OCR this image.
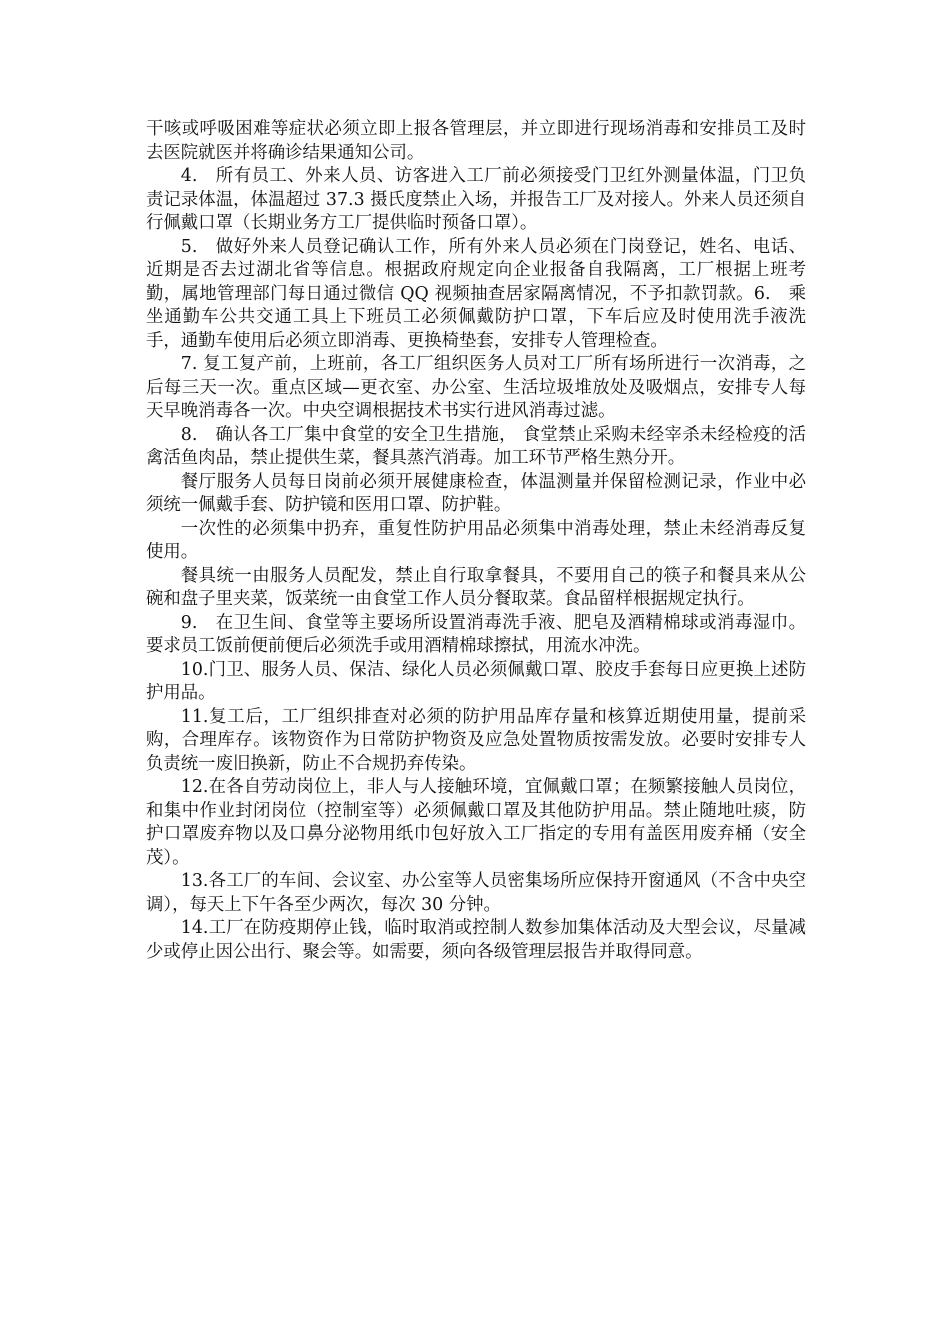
干咳或呼吸困难等症状必须立即上报各管理层，并立即进行现场消毒和安排员工及时去医院就医并将确诊结果通知公司。

4.　所有员工、外来人员、访客进入工厂前必须接受门卫红外测量体温，门卫负责记录体温，体温超过 37.3 摄氏度禁止入场，并报告工厂及对接人。外来人员还须自行佩戴口罩（长期业务方工厂提供临时预备口罩）。

5.　做好外来人员登记确认工作，所有外来人员必须在门岗登记，姓名、电话、近期是否去过湖北省等信息。根据政府规定向企业报备自我隔离，工厂根据上班考勤，属地管理部门每日通过微信 QQ 视频抽查居家隔离情况，不予扣款罚款。6.　乘坐通勤车公共交通工具上下班员工必须佩戴防护口罩，下车后应及时使用洗手液洗手，通勤车使用后必须立即消毒、更换椅垫套，安排专人管理检查。

7. 复工复产前，上班前，各工厂组织医务人员对工厂所有场所进行一次消毒，之后每三天一次。重点区域—更衣室、办公室、生活垃圾堆放处及吸烟点，安排专人每天早晚消毒各一次。中央空调根据技术书实行进风消毒过滤。

8.　确认各工厂集中食堂的安全卫生措施， 食堂禁止采购未经宰杀未经检疫的活禽活鱼肉品，禁止提供生菜，餐具蒸汽消毒。加工环节严格生熟分开。

餐厅服务人员每日岗前必须开展健康检查，体温测量并保留检测记录，作业中必须统一佩戴手套、防护镜和医用口罩、防护鞋。

一次性的必须集中扔弃，重复性防护用品必须集中消毒处理，禁止未经消毒反复使用。

餐具统一由服务人员配发，禁止自行取拿餐具，不要用自己的筷子和餐具来从公碗和盘子里夹菜，饭菜统一由食堂工作人员分餐取菜。食品留样根据规定执行。

9.　在卫生间、食堂等主要场所设置消毒洗手液、肥皂及酒精棉球或消毒湿巾。要求员工饭前便前便后必须洗手或用酒精棉球擦拭，用流水冲洗。

10.门卫、服务人员、保洁、绿化人员必须佩戴口罩、胶皮手套每日应更换上述防护用品。

11.复工后，工厂组织排查对必须的防护用品库存量和核算近期使用量，提前采购，合理库存。该物资作为日常防护物资及应急处置物质按需发放。必要时安排专人负责统一废旧换新，防止不合规扔弃传染。

12.在各自劳动岗位上，非人与人接触环境，宜佩戴口罩；在频繁接触人员岗位，和集中作业封闭岗位（控制室等）必须佩戴口罩及其他防护用品。禁止随地吐痰，防护口罩废弃物以及口鼻分泌物用纸巾包好放入工厂指定的专用有盖医用废弃桶（安全茂）。

13.各工厂的车间、会议室、办公室等人员密集场所应保持开窗通风（不含中央空调），每天上下午各至少两次，每次 30 分钟。

14.工厂在防疫期停止钱，临时取消或控制人数参加集体活动及大型会议，尽量减少或停止因公出行、聚会等。如需要，须向各级管理层报告并取得同意。
